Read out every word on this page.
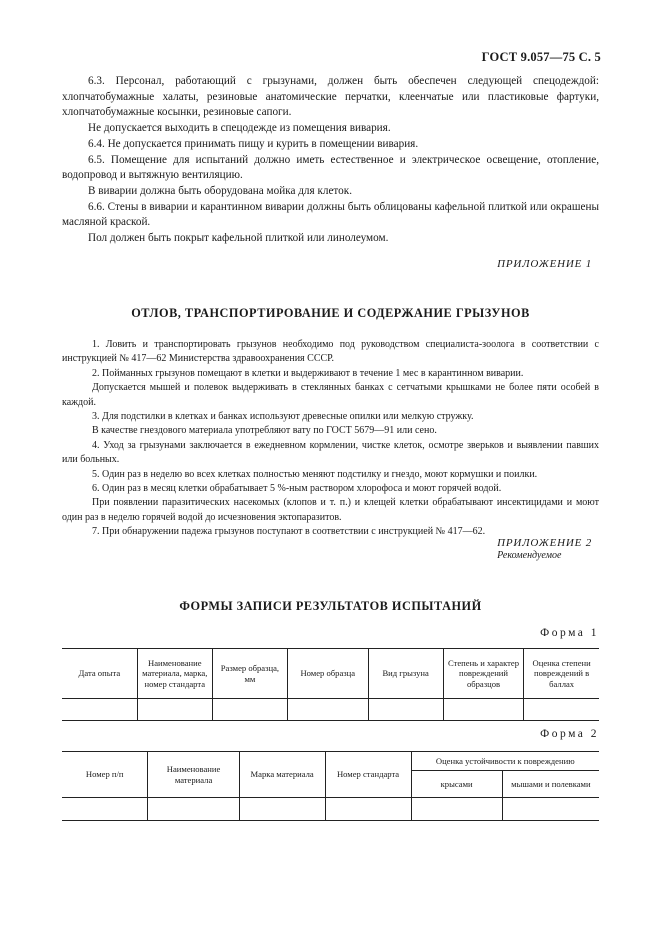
ГОСТ 9.057—75 С. 5

6.3. Персонал, работающий с грызунами, должен быть обеспечен следующей спецодеждой: хлопчатобумажные халаты, резиновые анатомические перчатки, клеенчатые или пластиковые фартуки, хлопчатобумажные косынки, резиновые сапоги.

Не допускается выходить в спецодежде из помещения вивария.

6.4. Не допускается принимать пищу и курить в помещении вивария.

6.5. Помещение для испытаний должно иметь естественное и электрическое освещение, отопление, водопровод и вытяжную вентиляцию.

В виварии должна быть оборудована мойка для клеток.

6.6. Стены в виварии и карантинном виварии должны быть облицованы кафельной плиткой или окрашены масляной краской.

Пол должен быть покрыт кафельной плиткой или линолеумом.

ПРИЛОЖЕНИЕ 1
ОТЛОВ, ТРАНСПОРТИРОВАНИЕ И СОДЕРЖАНИЕ ГРЫЗУНОВ

1. Ловить и транспортировать грызунов необходимо под руководством специалиста-зоолога в соответствии с инструкцией № 417—62 Министерства здравоохранения СССР.

2. Пойманных грызунов помещают в клетки и выдерживают в течение 1 мес в карантинном виварии.

Допускается мышей и полевок выдерживать в стеклянных банках с сетчатыми крышками не более пяти особей в каждой.

3. Для подстилки в клетках и банках используют древесные опилки или мелкую стружку.

В качестве гнездового материала употребляют вату по ГОСТ 5679—91 или сено.

4. Уход за грызунами заключается в ежедневном кормлении, чистке клеток, осмотре зверьков и выявлении павших или больных.

5. Один раз в неделю во всех клетках полностью меняют подстилку и гнездо, моют кормушки и поилки.

6. Один раз в месяц клетки обрабатывает 5 %-ным раствором хлорофоса и моют горячей водой.

При появлении паразитических насекомых (клопов и т. п.) и клещей клетки обрабатывают инсектицидами и моют один раз в неделю горячей водой до исчезновения эктопаразитов.

7. При обнаружении падежа грызунов поступают в соответствии с инструкцией № 417—62.

ПРИЛОЖЕНИЕ 2
Рекомендуемое
ФОРМЫ ЗАПИСИ РЕЗУЛЬТАТОВ ИСПЫТАНИЙ
Форма 1
Дата опыта	Наименование материала, марка, номер стандарта	Размер образца, мм	Номер образца	Вид грызуна	Степень и характер повреждений образцов	Оценка степени повреждений в баллах

Форма 2
Номер п/п	Наименование материала	Марка материала	Номер стандарта	Оценка устойчивости к повреждению	
				крысами	мышами и полевками
